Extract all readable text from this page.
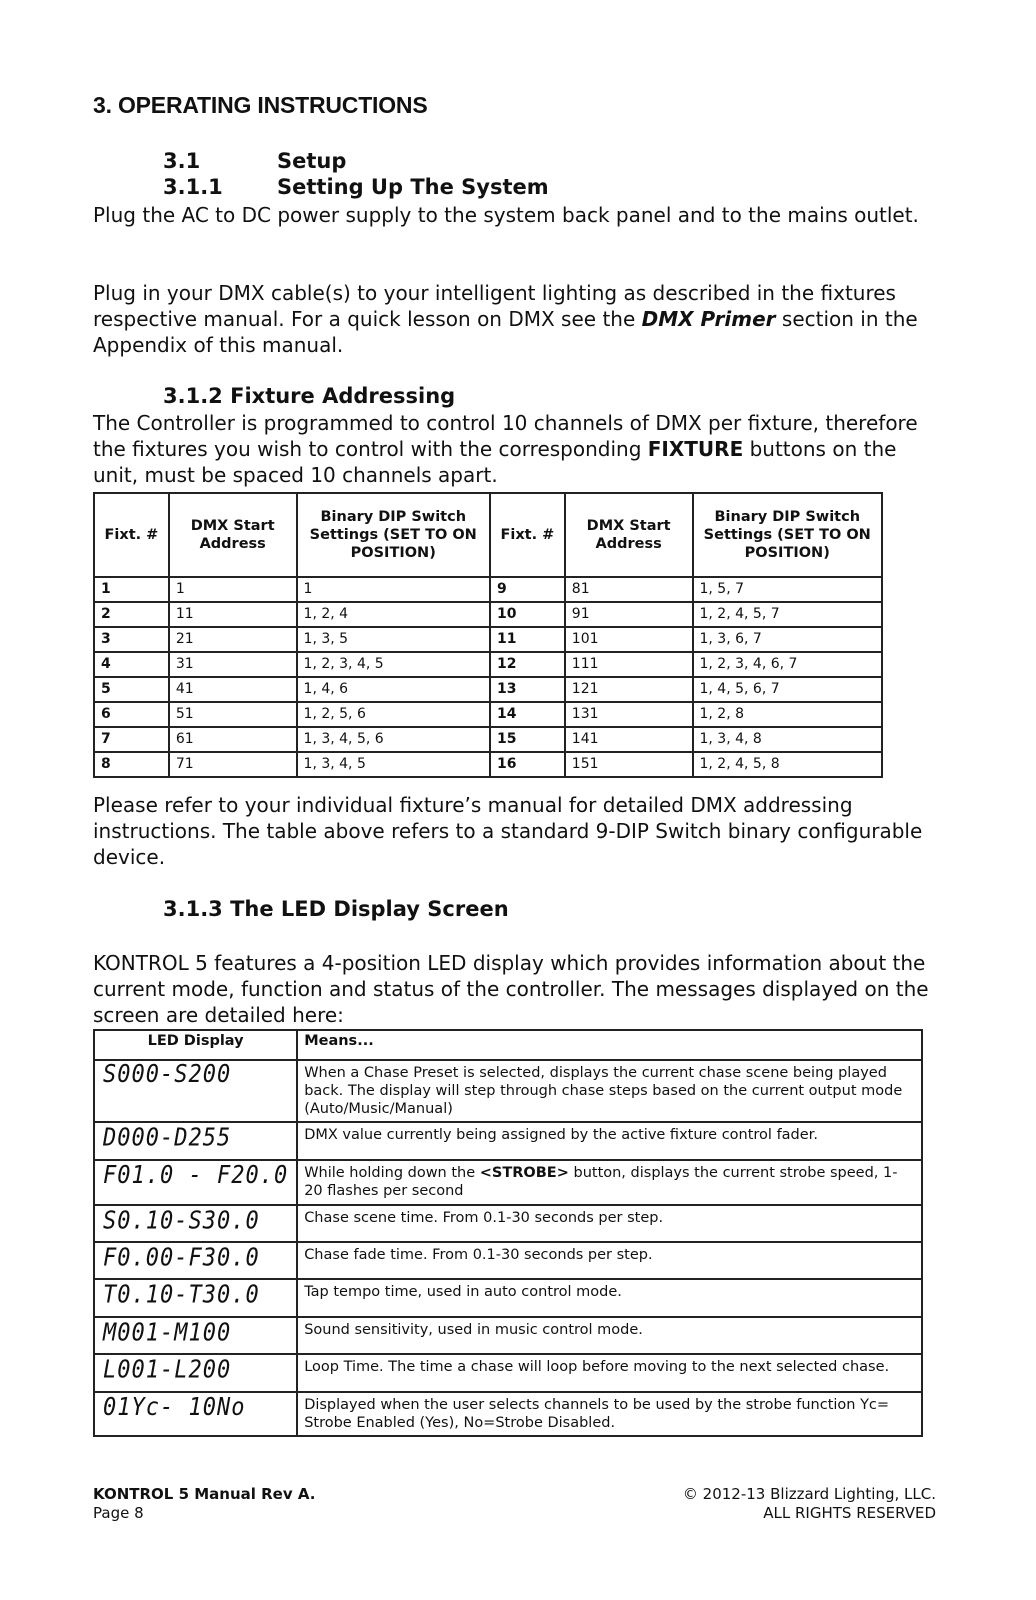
3. OPERATING INSTRUCTIONS
3.1	Setup
3.1.1	Setting Up The System
Plug the AC to DC power supply to the system back panel and to the mains outlet.
Plug in your DMX cable(s) to your intelligent lighting as described in the fixtures respective manual. For a quick lesson on DMX see the DMX Primer section in the Appendix of this manual.
3.1.2 Fixture Addressing
The Controller is programmed to control 10 channels of DMX per fixture, therefore the fixtures you wish to control with the corresponding FIXTURE buttons on the unit, must be spaced 10 channels apart.
Fixt. #	DMX Start Address	Binary DIP Switch Settings (SET TO ON POSITION)	Fixt. #	DMX Start Address	Binary DIP Switch Settings (SET TO ON POSITION)
1	1	1	9	81	1, 5, 7
2	11	1, 2, 4	10	91	1, 2, 4, 5, 7
3	21	1, 3, 5	11	101	1, 3, 6, 7
4	31	1, 2, 3, 4, 5	12	111	1, 2, 3, 4, 6, 7
5	41	1, 4, 6	13	121	1, 4, 5, 6, 7
6	51	1, 2, 5, 6	14	131	1, 2, 8
7	61	1, 3, 4, 5, 6	15	141	1, 3, 4, 8
8	71	1, 3, 4, 5	16	151	1, 2, 4, 5, 8
Please refer to your individual fixture’s manual for detailed DMX addressing instructions. The table above refers to a standard 9-DIP Switch binary configurable device.
3.1.3 The LED Display Screen
KONTROL 5 features a 4-position LED display which provides information about the current mode, function and status of the controller. The messages displayed on the screen are detailed here:
LED Display	Means...
S000-S200	When a Chase Preset is selected, displays the current chase scene being played back. The display will step through chase steps based on the current output mode (Auto/Music/Manual)
D000-D255	DMX value currently being assigned by the active fixture control fader.
F01.0 - F20.0	While holding down the <STROBE> button, displays the current strobe speed, 1-20 flashes per second
S0.10-S30.0	Chase scene time. From 0.1-30 seconds per step.
F0.00-F30.0	Chase fade time. From 0.1-30 seconds per step.
T0.10-T30.0	Tap tempo time, used in auto control mode.
M001-M100	Sound sensitivity, used in music control mode.
L001-L200	Loop Time. The time a chase will loop before moving to the next selected chase.
01Yc- 10No	Displayed when the user selects channels to be used by the strobe function Yc= Strobe Enabled (Yes), No=Strobe Disabled.
KONTROL 5 Manual Rev A.
Page 8
© 2012-13 Blizzard Lighting, LLC.
ALL RIGHTS RESERVED
